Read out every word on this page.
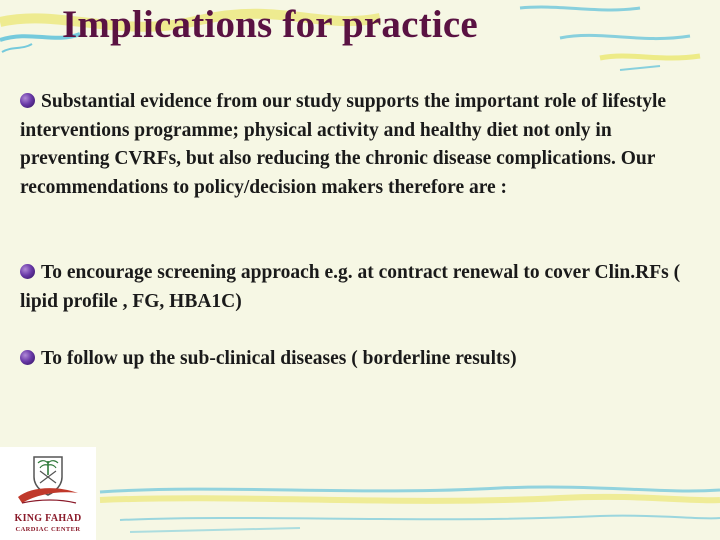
Implications for practice
Substantial evidence from our study supports the important role of lifestyle interventions programme; physical activity and healthy diet not only in preventing CVRFs, but also reducing the chronic disease complications. Our recommendations to policy/decision makers therefore are :
To encourage screening approach e.g. at contract renewal to cover Clin.RFs ( lipid profile , FG, HBA1C)
To follow up the sub-clinical diseases ( borderline results)
KING FAHAD
CARDIAC CENTER
